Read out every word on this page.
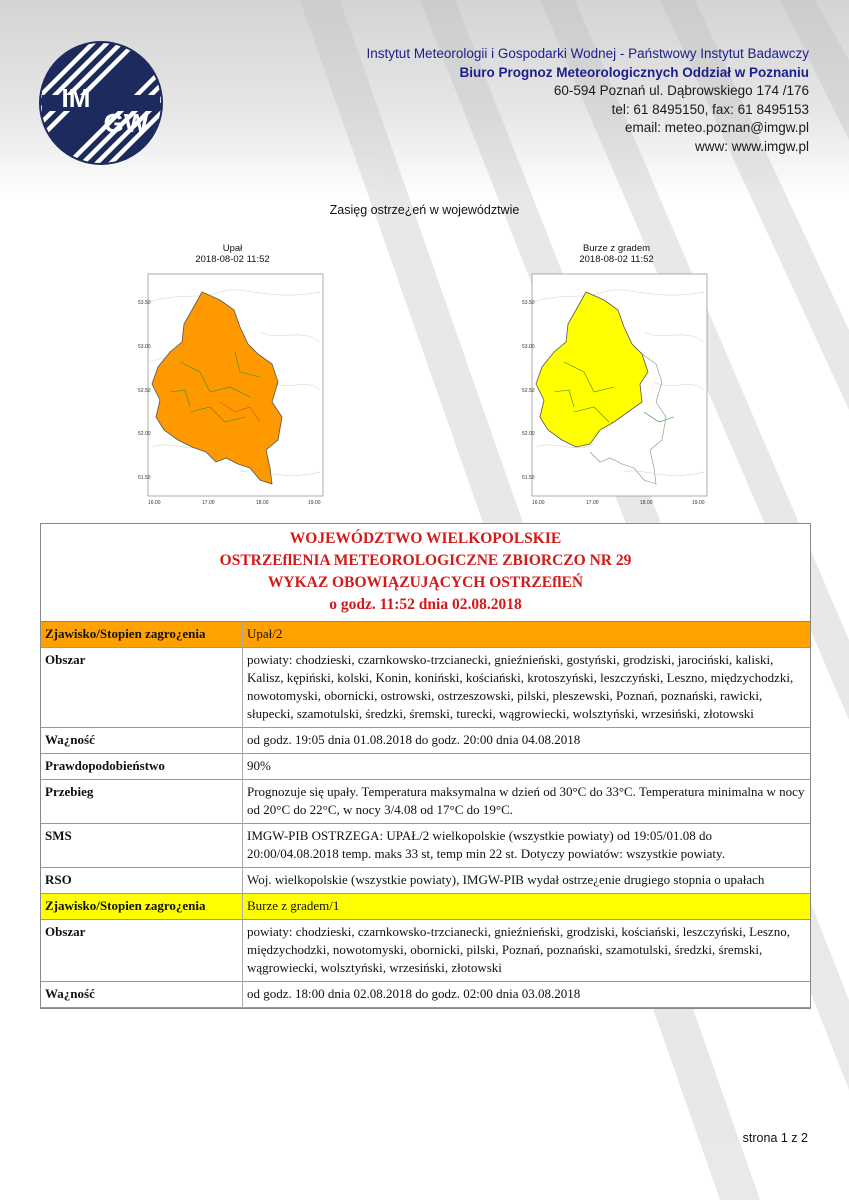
IM
GW
Instytut Meteorologii i Gospodarki Wodnej - Państwowy Instytut Badawczy
Biuro Prognoz Meteorologicznych Oddział w Poznaniu
60-594 Poznań ul. Dąbrowskiego 174 /176
tel: 61 8495150, fax: 61 8495153
email: meteo.poznan@imgw.pl
www: www.imgw.pl
Zasięg ostrze¿eń w województwie
Upał
2018-08-02 11:52
53.50
53.00
52.50
52.00
51.50
16.00	17.00	18.00	19.00
Burze z gradem
2018-08-02 11:52
53.50
53.00
52.50
52.00
51.50
16.00	17.00	18.00	19.00
WOJEWÓDZTWO WIELKOPOLSKIE
OSTRZEflENIA METEOROLOGICZNE ZBIORCZO NR 29
WYKAZ OBOWIĄZUJĄCYCH OSTRZEflEŃ
o godz. 11:52 dnia 02.08.2018
Zjawisko/Stopien zagro¿enia	Upał/2
Obszar	powiaty: chodzieski, czarnkowsko-trzcianecki, gnieźnieński, gostyński, grodziski, jarociński, kaliski, Kalisz, kępiński, kolski, Konin, koniński, kościański, krotoszyński, leszczyński, Leszno, międzychodzki, nowotomyski, obornicki, ostrowski, ostrzeszowski, pilski, pleszewski, Poznań, poznański, rawicki, słupecki, szamotulski, średzki, śremski, turecki, wągrowiecki, wolsztyński, wrzesiński, złotowski
Wa¿ność	od godz. 19:05 dnia 01.08.2018 do godz. 20:00 dnia 04.08.2018
Prawdopodobieństwo	90%
Przebieg	Prognozuje się upały. Temperatura maksymalna w dzień od 30°C do 33°C. Temperatura minimalna w nocy od 20°C do 22°C, w nocy 3/4.08 od 17°C do 19°C.
SMS	IMGW-PIB OSTRZEGA: UPAŁ/2 wielkopolskie (wszystkie powiaty) od 19:05/01.08 do 20:00/04.08.2018 temp. maks 33 st, temp min 22 st. Dotyczy powiatów: wszystkie powiaty.
RSO	Woj. wielkopolskie (wszystkie powiaty), IMGW-PIB wydał ostrze¿enie drugiego stopnia o upałach
Zjawisko/Stopien zagro¿enia	Burze z gradem/1
Obszar	powiaty: chodzieski, czarnkowsko-trzcianecki, gnieźnieński, grodziski, kościański, leszczyński, Leszno, międzychodzki, nowotomyski, obornicki, pilski, Poznań, poznański, szamotulski, średzki, śremski, wągrowiecki, wolsztyński, wrzesiński, złotowski
Wa¿ność	od godz. 18:00 dnia 02.08.2018 do godz. 02:00 dnia 03.08.2018
strona 1 z 2
